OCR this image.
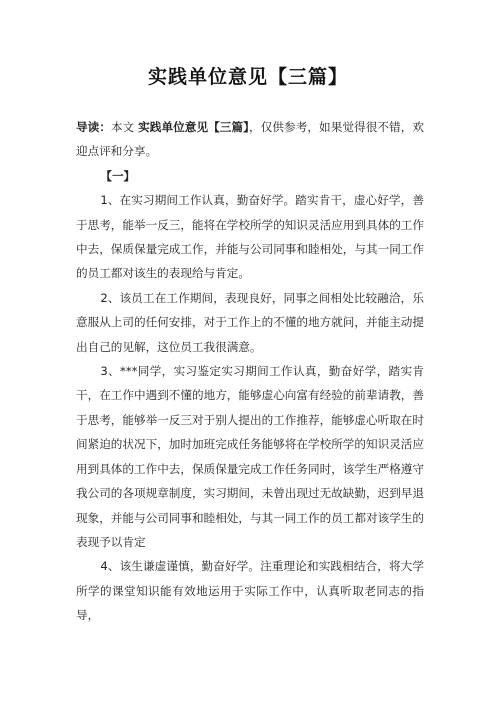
实践单位意见【三篇】

导读：本文 实践单位意见【三篇】，仅供参考，如果觉得很不错，欢迎点评和分享。

【一】

1、在实习期间工作认真，勤奋好学。踏实肯干，虚心好学，善于思考，能举一反三，能将在学校所学的知识灵活应用到具体的工作中去，保质保量完成工作，并能与公司同事和睦相处，与其一同工作的员工都对该生的表现给与肯定。

2、该员工在工作期间，表现良好，同事之间相处比较融洽，乐意服从上司的任何安排，对于工作上的不懂的地方就问，并能主动提出自己的见解，这位员工我很满意。

3、***同学，实习鉴定实习期间工作认真，勤奋好学，踏实肯干，在工作中遇到不懂的地方，能够虚心向富有经验的前辈请教，善于思考，能够举一反三对于别人提出的工作推荐，能够虚心听取在时间紧迫的状况下，加时加班完成任务能够将在学校所学的知识灵活应用到具体的工作中去，保质保量完成工作任务同时，该学生严格遵守我公司的各项规章制度，实习期间，未曾出现过无故缺勤，迟到早退现象，并能与公司同事和睦相处，与其一同工作的员工都对该学生的表现予以肯定

4、该生谦虚谨慎，勤奋好学。注重理论和实践相结合，将大学所学的课堂知识能有效地运用于实际工作中，认真听取老同志的指导，
